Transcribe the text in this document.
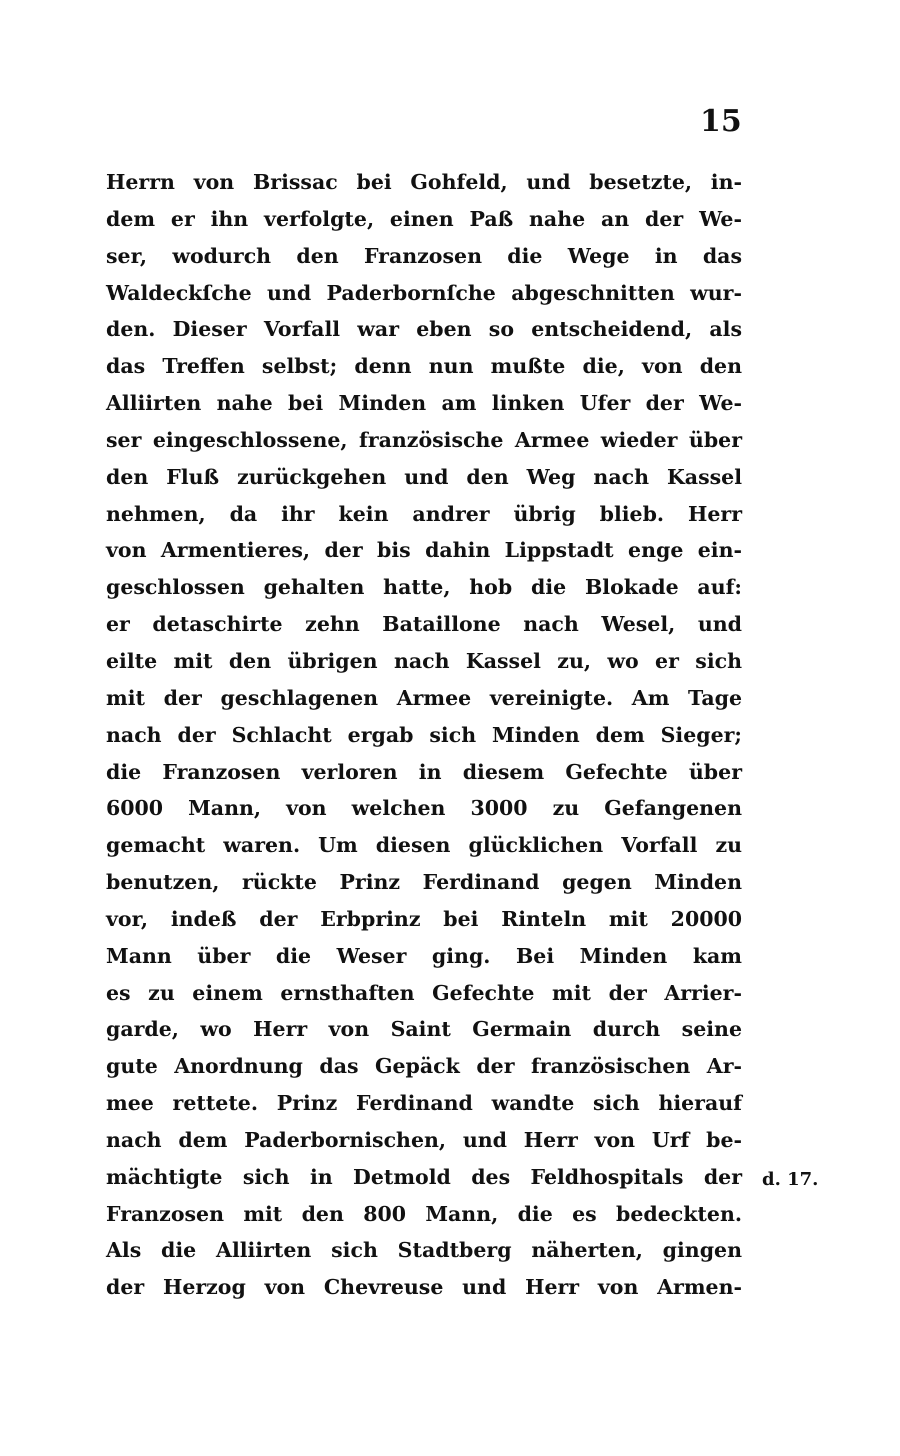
15
Herrn von Brissac bei Gohfeld, und besetzte, in-
dem er ihn verfolgte, einen Paß nahe an der We-
ser, wodurch den Franzosen die Wege in das
Waldeckſche und Paderbornſche abgeschnitten wur-
den. Dieser Vorfall war eben so entscheidend, als
das Treffen selbst; denn nun mußte die, von den
Alliirten nahe bei Minden am linken Ufer der We-
ser eingeschlossene, französische Armee wieder über
den Fluß zurückgehen und den Weg nach Kassel
nehmen, da ihr kein andrer übrig blieb. Herr
von Armentieres, der bis dahin Lippstadt enge ein-
geschlossen gehalten hatte, hob die Blokade auf:
er detaschirte zehn Bataillone nach Wesel, und
eilte mit den übrigen nach Kassel zu, wo er sich
mit der geschlagenen Armee vereinigte. Am Tage
nach der Schlacht ergab sich Minden dem Sieger;
die Franzosen verloren in diesem Gefechte über
6000 Mann, von welchen 3000 zu Gefangenen
gemacht waren. Um diesen glücklichen Vorfall zu
benutzen, rückte Prinz Ferdinand gegen Minden
vor, indeß der Erbprinz bei Rinteln mit 20000
Mann über die Weser ging. Bei Minden kam
es zu einem ernsthaften Gefechte mit der Arrier-
garde, wo Herr von Saint Germain durch seine
gute Anordnung das Gepäck der französischen Ar-
mee rettete. Prinz Ferdinand wandte sich hierauf
nach dem Paderbornischen, und Herr von Urf be-
mächtigte sich in Detmold des Feldhospitals der
Franzosen mit den 800 Mann, die es bedeckten.
Als die Alliirten sich Stadtberg näherten, gingen
der Herzog von Chevreuse und Herr von Armen-
d. 17.
